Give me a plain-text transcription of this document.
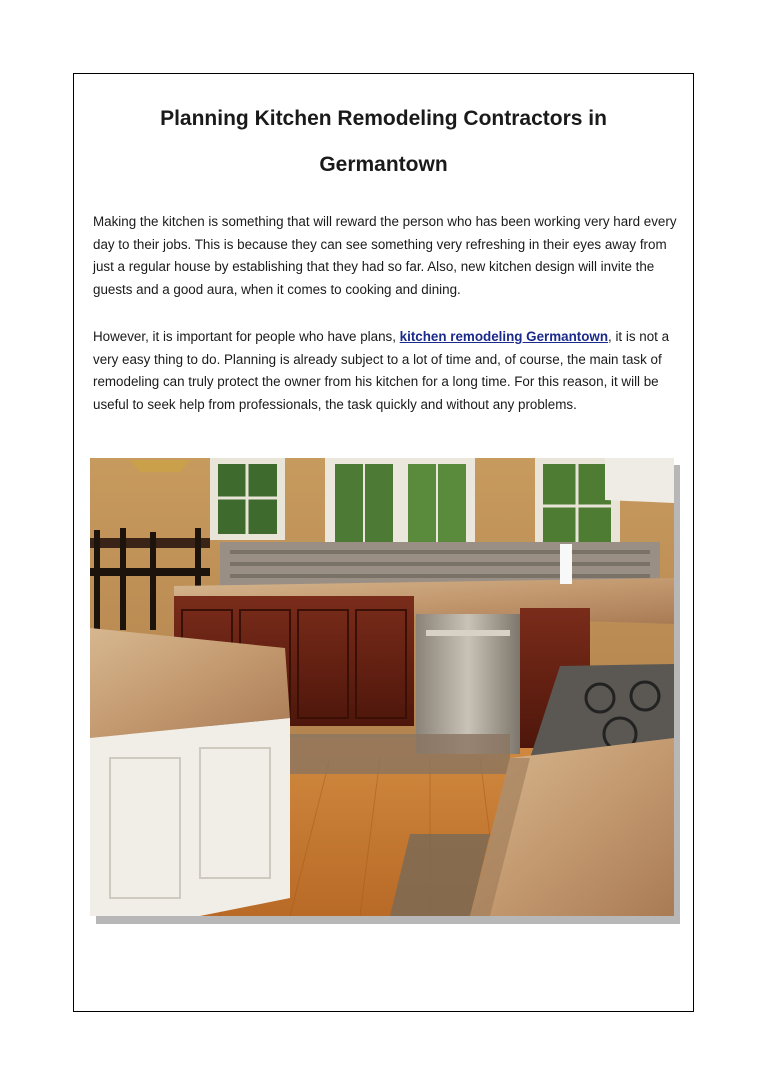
Planning Kitchen Remodeling Contractors in
Germantown

Making the kitchen is something that will reward the person who has been working very hard every day to their jobs. This is because they can see something very refreshing in their eyes away from just a regular house by establishing that they had so far. Also, new kitchen design will invite the guests and a good aura, when it comes to cooking and dining.

However, it is important for people who have plans, kitchen remodeling Germantown, it is not a very easy thing to do. Planning is already subject to a lot of time and, of course, the main task of remodeling can truly protect the owner from his kitchen for a long time. For this reason, it will be useful to seek help from professionals, the task quickly and without any problems.
